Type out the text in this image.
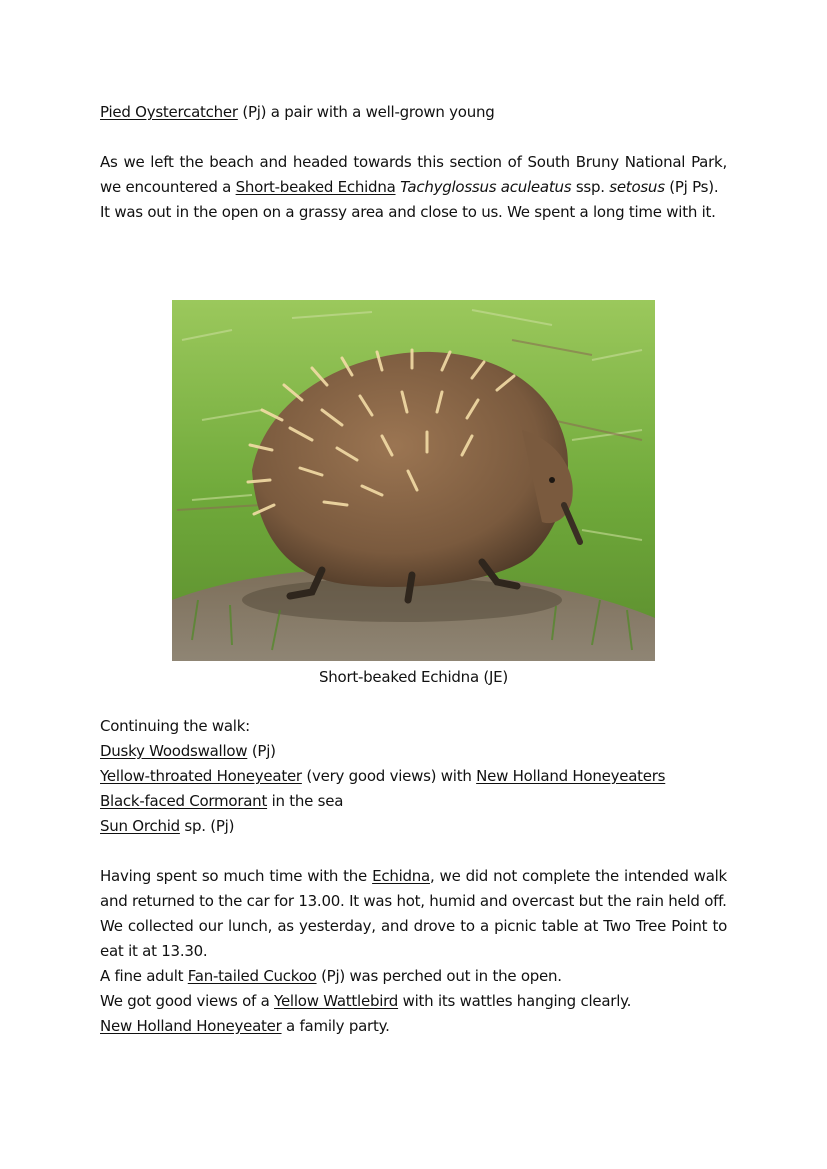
Pied Oystercatcher (Pj) a pair with a well-grown young

As we left the beach and headed towards this section of South Bruny National Park, we encountered a Short-beaked Echidna Tachyglossus aculeatus ssp. setosus (Pj Ps).

It was out in the open on a grassy area and close to us. We spent a long time with it.

Short-beaked Echidna (JE)

Continuing the walk:

Dusky Woodswallow (Pj)

Yellow-throated Honeyeater (very good views) with New Holland Honeyeaters

Black-faced Cormorant in the sea

Sun Orchid sp. (Pj)

Having spent so much time with the Echidna, we did not complete the intended walk and returned to the car for 13.00. It was hot, humid and overcast but the rain held off.

We collected our lunch, as yesterday, and drove to a picnic table at Two Tree Point to eat it at 13.30.

A fine adult Fan-tailed Cuckoo (Pj) was perched out in the open.

We got good views of a Yellow Wattlebird with its wattles hanging clearly.

New Holland Honeyeater a family party.
